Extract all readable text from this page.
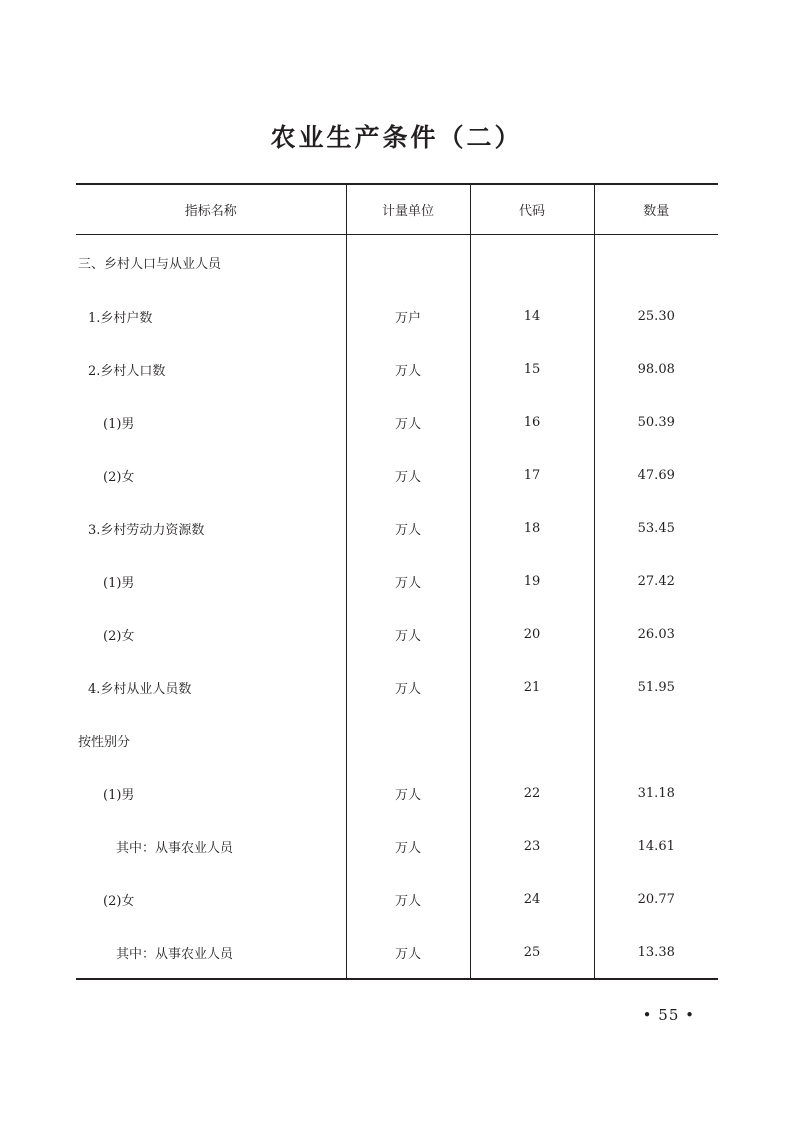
农业生产条件（二）
指标名称	计量单位	代码	数量
三、乡村人口与从业人员			
1.乡村户数	万户	14	25.30
2.乡村人口数	万人	15	98.08
(1)男	万人	16	50.39
(2)女	万人	17	47.69
3.乡村劳动力资源数	万人	18	53.45
(1)男	万人	19	27.42
(2)女	万人	20	26.03
4.乡村从业人员数	万人	21	51.95
按性别分			
(1)男	万人	22	31.18
其中：从事农业人员	万人	23	14.61
(2)女	万人	24	20.77
其中：从事农业人员	万人	25	13.38
• 55 •
